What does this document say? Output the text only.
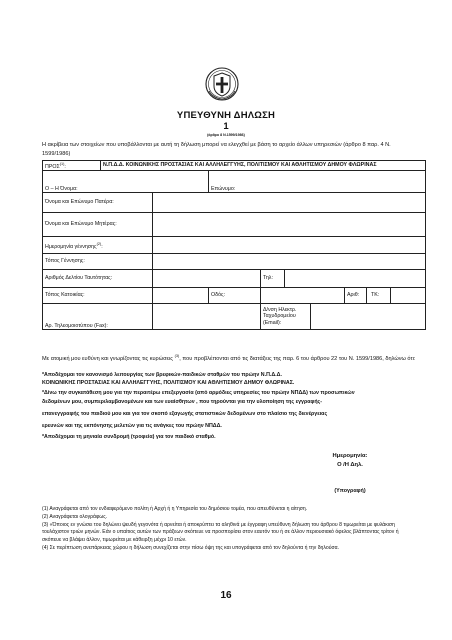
ΥΠΕΥΘΥΝΗ ΔΗΛΩΣΗ
1
(άρθρο 8 Ν.1599/1986)
Η ακρίβεια των στοιχείων που υποβάλλονται με αυτή τη δήλωση μπορεί να ελεγχθεί με βάση το αρχείο άλλων υπηρεσιών (άρθρο 8 παρ. 4 Ν. 1599/1986)
ΠΡΟΣ$^{(1)}$:	Ν.Π.Δ.Δ. ΚΟΙΝΩΝΙΚΗΣ ΠΡΟΣΤΑΣΙΑΣ ΚΑΙ ΑΛΛΗΛΕΓΓΥΗΣ, ΠΟΛΙΤΙΣΜΟΥ ΚΑΙ ΑΘΛΗΤΙΣΜΟΥ ΔΗΜΟΥ ΦΛΩΡΙΝΑΣ								
Ο – Η Όνομα:			Επώνυμο:						
Όνομα και Επώνυμο Πατέρα:									
Όνομα και Επώνυμο Μητέρας:									
Ημερομηνία γέννησης$^{(2)}$:									
Τόπος Γέννησης:									
Αριθμός Δελτίου Ταυτότητας:				Τηλ:					
Τόπος Κατοικίας:			Οδός:				Αριθ:	ΤΚ:	
Αρ. Τηλεομοιοτύπου (Fax):				Δ/νση Ηλεκτρ. Ταχυδρομείου (Εmail):					
Με ατομική μου ευθύνη και γνωρίζοντας τις κυρώσεις $^{(3)}$, που προβλέπονται από τις διατάξεις της παρ. 6 του άρθρου 22 του Ν. 1599/1986, δηλώνω ότι:
*Αποδέχομαι τον κανονισμό λειτουργίας των βρεφικών-παιδικών σταθμών του πρώην Ν.Π.Δ.Δ.
ΚΟΙΝΩΝΙΚΗΣ ΠΡΟΣΤΑΣΙΑΣ ΚΑΙ ΑΛΛΗΛΕΓΓΥΗΣ, ΠΟΛΙΤΙΣΜΟΥ ΚΑΙ ΑΘΛΗΤΙΣΜΟΥ ΔΗΜΟΥ ΦΛΩΡΙΝΑΣ.
*Δίνω την συγκατάθεση μου για την περαιτέρω επεξεργασία (από αρμόδιες υπηρεσίες του πρώην ΝΠΔΔ) των προσωπικών
δεδομένων μου, συμπεριλαμβανομένων και των ευαίσθητων , που τηρούνται για την υλοποίηση της εγγραφής-
επανεγγραφής του παιδιού μου και για τον σκοπό εξαγωγής στατιστικών δεδομένων στο πλαίσιο της διενέργειας
ερευνών και της εκπόνησης μελετών για τις ανάγκες του πρώην ΝΠΔΔ.
*Αποδέχομαι τη μηνιαία συνδρομή (τροφεία) για τον παιδικό σταθμό.
Ημερομηνία:
Ο /Η Δηλ.
(Υπογραφή)
(1) Αναγράφεται από τον ενδιαφερόμενο πολίτη ή Αρχή ή η Υπηρεσία του δημόσιου τομέα, που απευθύνεται η αίτηση.
(2) Αναγράφεται ολογράφως.
(3) «Όποιος εν γνώσει του δηλώνει ψευδή γεγονότα ή αρνείται ή αποκρύπτει τα αληθινά με έγγραφη υπεύθυνη δήλωση του άρθρου 8 τιμωρείται με φυλάκιση τουλάχιστον τριών μηνών. Εάν ο υπαίτιος αυτών των πράξεων σκόπευε να προσπορίσει στον εαυτόν του ή σε άλλον περιουσιακό όφελος βλάπτοντας τρίτον ή σκόπευε να βλάψει άλλον, τιμωρείται με κάθειρξη μέχρι 10 ετών.
(4) Σε περίπτωση ανεπάρκειας χώρου η δήλωση συνεχίζεται στην πίσω όψη της και υπογράφεται από τον δηλούντα ή την δηλούσα.
16
